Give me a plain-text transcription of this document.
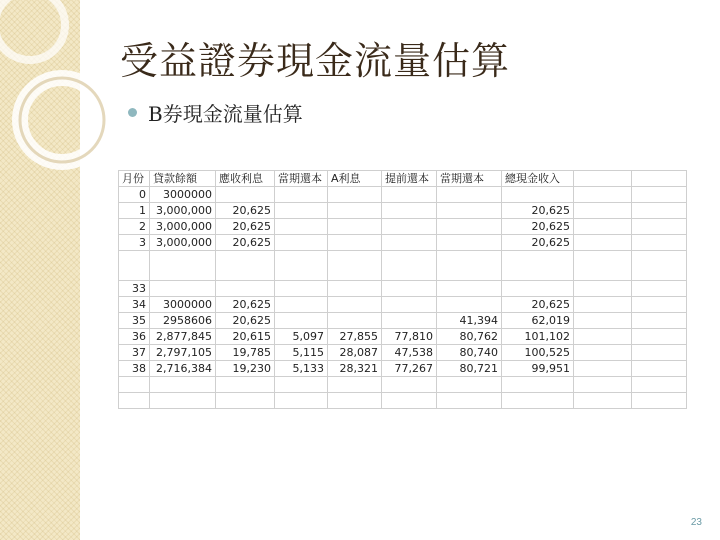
受益證券現金流量估算
B券現金流量估算
月份	貸款餘額	應收利息	當期還本	A利息	提前還本	當期還本	總現金收入		
0	3000000								
1	3,000,000	20,625					20,625		
2	3,000,000	20,625					20,625		
3	3,000,000	20,625					20,625		

33									
34	3000000	20,625					20,625		
35	2958606	20,625				41,394	62,019		
36	2,877,845	20,615	5,097	27,855	77,810	80,762	101,102		
37	2,797,105	19,785	5,115	28,087	47,538	80,740	100,525		
38	2,716,384	19,230	5,133	28,321	77,267	80,721	99,951		

23
